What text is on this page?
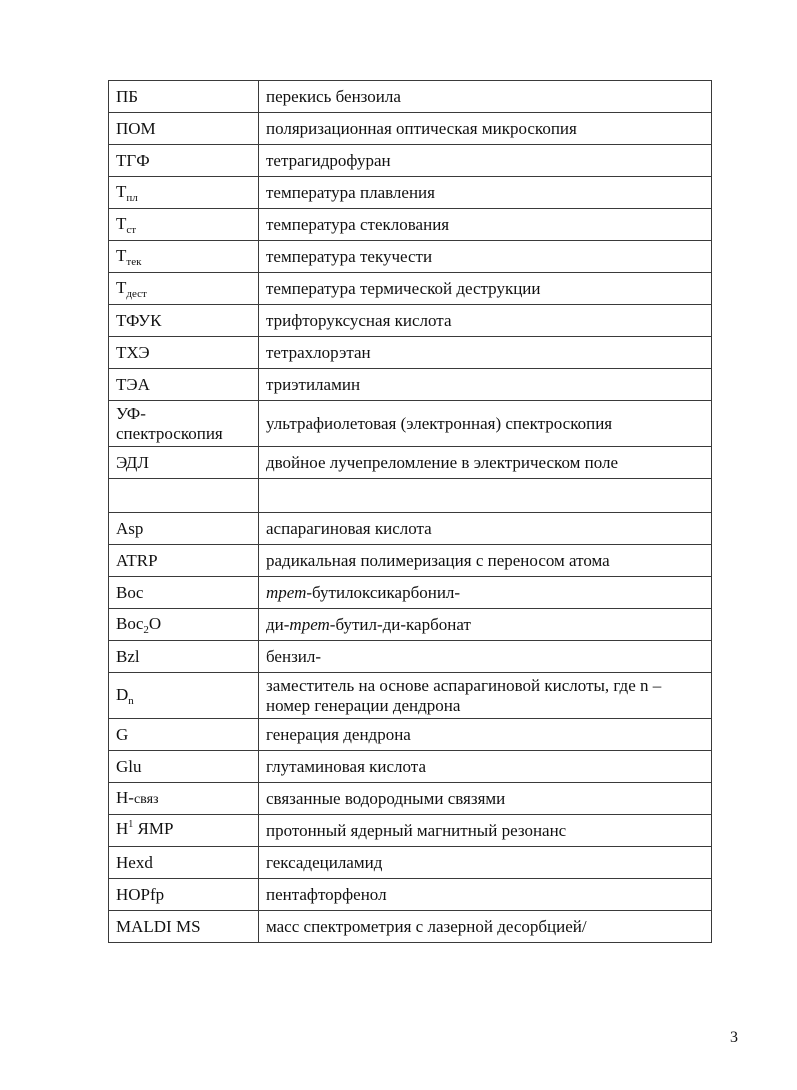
ПБ	перекись бензоила
ПОМ	поляризационная оптическая микроскопия
ТГФ	тетрагидрофуран
$Т_{пл}$	температура плавления
$Т_{ст}$	температура стеклования
$Т_{тек}$	температура текучести
$Т_{дест}$	температура термической деструкции
ТФУК	трифторуксусная кислота
ТХЭ	тетрахлорэтан
ТЭА	триэтиламин
УФ-спектроскопия	ультрафиолетовая (электронная) спектроскопия
ЭДЛ	двойное лучепреломление в электрическом поле

Asp	аспарагиновая кислота
ATRP	радикальная полимеризация с переносом атома
Boc	трет-бутилоксикарбонил-
Boc$_2$O	ди-трет-бутил-ди-карбонат
Bzl	бензил-
$D_n$	заместитель на основе аспарагиновой кислоты, где n – номер генерации дендрона
G	генерация дендрона
Glu	глутаминовая кислота
Н-связ	связанные водородными связями
$Н^1$ ЯМР	протонный ядерный магнитный резонанс
Hexd	гексадециламид
HOPfp	пентафторфенол
MALDI MS	масс спектрометрия с лазерной десорбцией/
3
